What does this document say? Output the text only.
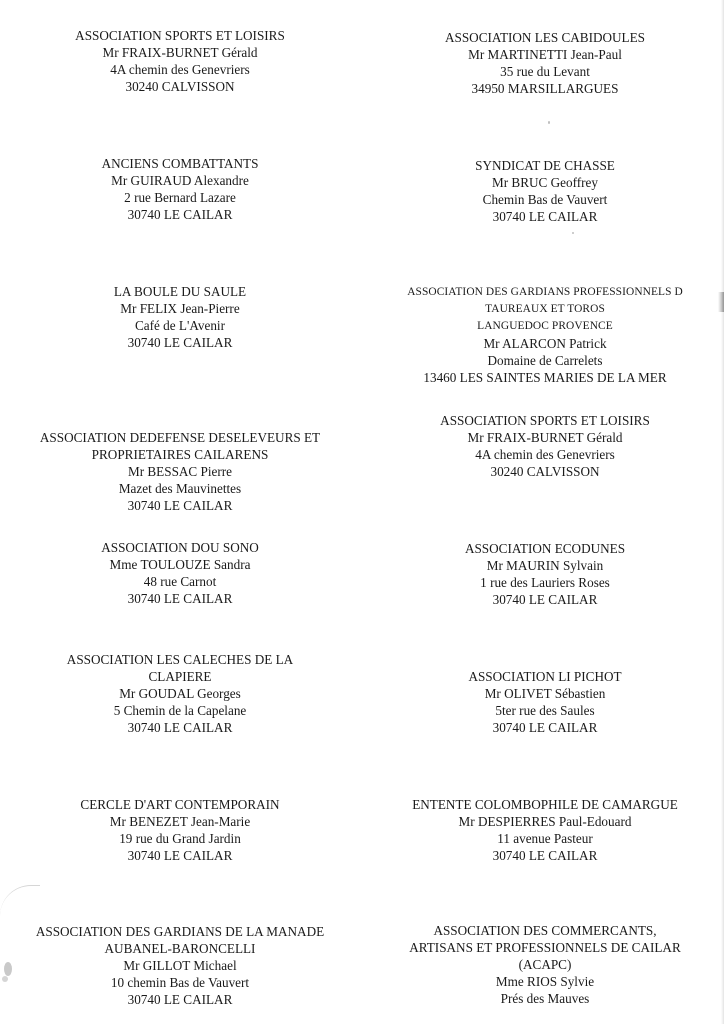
ASSOCIATION SPORTS ET LOISIRS
Mr FRAIX-BURNET Gérald
4A chemin des Genevriers
30240 CALVISSON
ASSOCIATION LES CABIDOULES
Mr MARTINETTI Jean-Paul
35 rue du Levant
34950 MARSILLARGUES
ANCIENS COMBATTANTS
Mr GUIRAUD Alexandre
2 rue Bernard Lazare
30740 LE CAILAR
SYNDICAT DE CHASSE
Mr BRUC Geoffrey
Chemin Bas de Vauvert
30740 LE CAILAR
LA BOULE DU SAULE
Mr FELIX Jean-Pierre
Café de L'Avenir
30740 LE CAILAR
ASSOCIATION DES GARDIANS PROFESSIONNELS D
TAUREAUX ET TOROS
LANGUEDOC PROVENCE
Mr ALARCON Patrick
Domaine de Carrelets
13460 LES SAINTES MARIES DE LA MER
ASSOCIATION DEDEFENSE DESELEVEURS ET
PROPRIETAIRES CAILARENS
Mr BESSAC Pierre
Mazet des Mauvinettes
30740 LE CAILAR
ASSOCIATION SPORTS ET LOISIRS
Mr FRAIX-BURNET Gérald
4A chemin des Genevriers
30240 CALVISSON
ASSOCIATION DOU SONO
Mme TOULOUZE Sandra
48 rue Carnot
30740 LE CAILAR
ASSOCIATION ECODUNES
Mr MAURIN Sylvain
1 rue des Lauriers Roses
30740 LE CAILAR
ASSOCIATION LES CALECHES DE LA
CLAPIERE
Mr GOUDAL Georges
5 Chemin de la Capelane
30740 LE CAILAR
ASSOCIATION LI PICHOT
Mr OLIVET Sébastien
5ter rue des Saules
30740 LE CAILAR
CERCLE D'ART CONTEMPORAIN
Mr BENEZET Jean-Marie
19 rue du Grand Jardin
30740 LE CAILAR
ENTENTE COLOMBOPHILE DE CAMARGUE
Mr DESPIERRES Paul-Edouard
11 avenue Pasteur
30740 LE CAILAR
ASSOCIATION DES GARDIANS DE LA MANADE
AUBANEL-BARONCELLI
Mr GILLOT Michael
10 chemin Bas de Vauvert
30740 LE CAILAR
ASSOCIATION DES COMMERCANTS,
ARTISANS ET PROFESSIONNELS DE CAILAR
(ACAPC)
Mme RIOS Sylvie
Prés des Mauves
